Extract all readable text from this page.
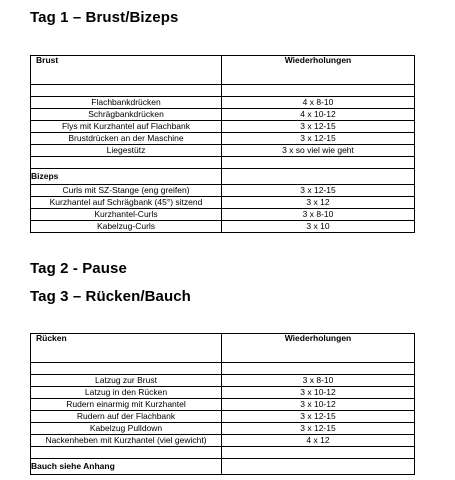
Tag 1 – Brust/Bizeps
Brust	Wiederholungen

Flachbankdrücken	4 x 8-10
Schrägbankdrücken	4 x 10-12
Flys mit Kurzhantel auf Flachbank	3 x 12-15
Brustdrücken an der Maschine	3 x 12-15
Liegestütz	3 x so viel wie geht

Bizeps	
Curls mit SZ-Stange (eng greifen)	3 x 12-15
Kurzhantel auf Schrägbank (45°) sitzend	3 x 12
Kurzhantel-Curls	3 x 8-10
Kabelzug-Curls	3 x 10
Tag 2 - Pause
Tag 3 – Rücken/Bauch
Rücken	Wiederholungen

Latzug zur Brust	3 x 8-10
Latzug in den Rücken	3 x 10-12
Rudern einarmig mit Kurzhantel	3 x 10-12
Rudern auf der Flachbank	3 x 12-15
Kabelzug Pulldown	3 x 12-15
Nackenheben mit Kurzhantel (viel gewicht)	4 x 12

Bauch siehe Anhang	
